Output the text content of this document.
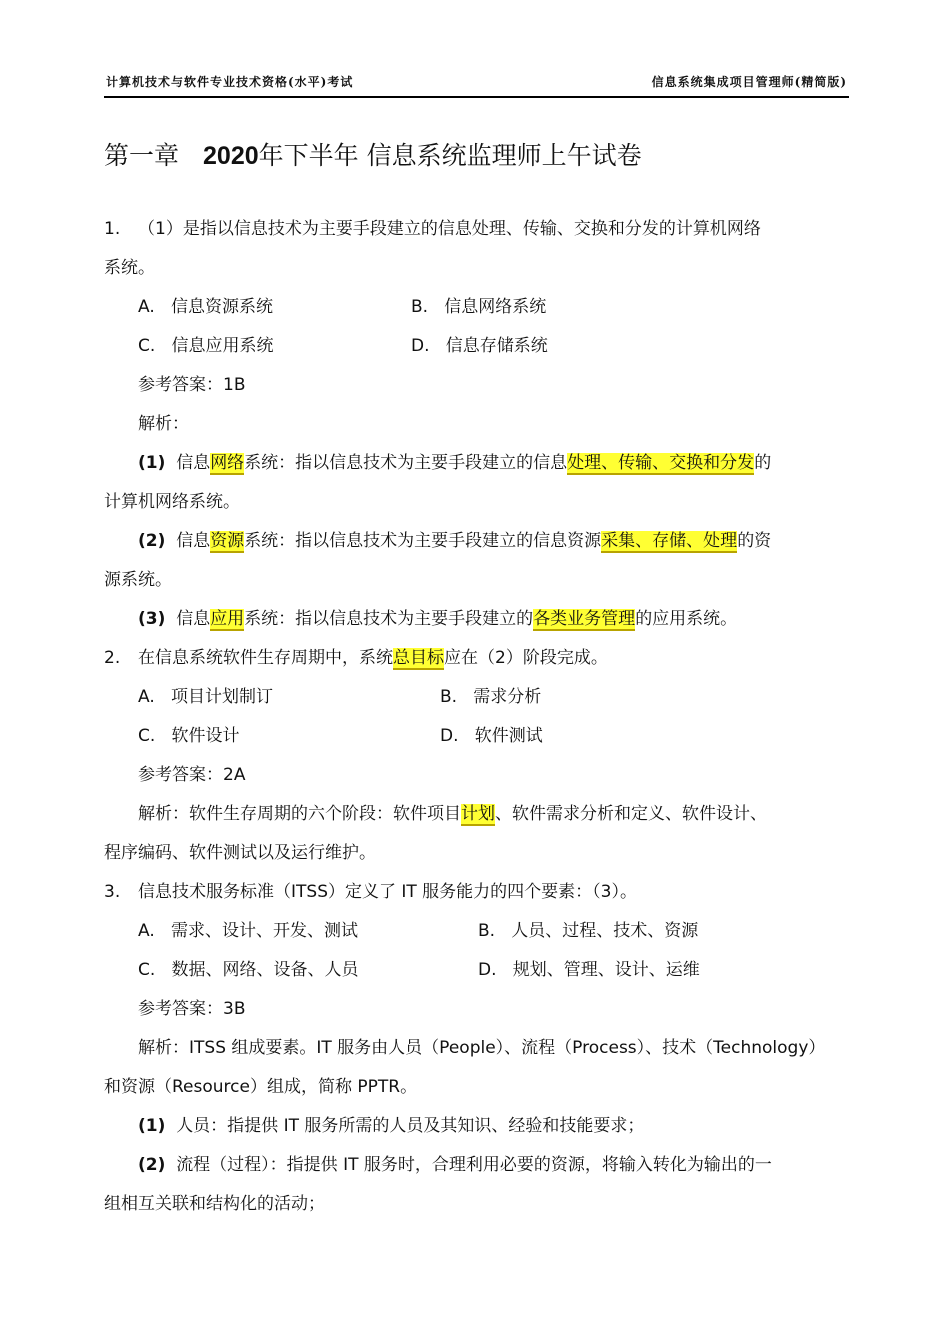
计算机技术与软件专业技术资格(水平)考试	信息系统集成项目管理师(精简版)
第一章 2020年下半年 信息系统监理师上午试卷
1. （1）是指以信息技术为主要手段建立的信息处理、传输、交换和分发的计算机网络
系统。
A. 信息资源系统	B. 信息网络系统
C. 信息应用系统	D. 信息存储系统
参考答案：1B
解析：
(1) 信息网络系统：指以信息技术为主要手段建立的信息处理、传输、交换和分发的
计算机网络系统。
(2) 信息资源系统：指以信息技术为主要手段建立的信息资源采集、存储、处理的资
源系统。
(3) 信息应用系统：指以信息技术为主要手段建立的各类业务管理的应用系统。
2. 在信息系统软件生存周期中，系统总目标应在（2）阶段完成。
A. 项目计划制订	B. 需求分析
C. 软件设计	D. 软件测试
参考答案：2A
解析：软件生存周期的六个阶段：软件项目计划、软件需求分析和定义、软件设计、
程序编码、软件测试以及运行维护。
3. 信息技术服务标准（ITSS）定义了 IT 服务能力的四个要素：（3）。
A. 需求、设计、开发、测试	B. 人员、过程、技术、资源
C. 数据、网络、设备、人员	D. 规划、管理、设计、运维
参考答案：3B
解析：ITSS 组成要素。IT 服务由人员（People）、流程（Process）、技术（Technology）
和资源（Resource）组成，简称 PPTR。
(1) 人员：指提供 IT 服务所需的人员及其知识、经验和技能要求；
(2) 流程（过程）：指提供 IT 服务时，合理利用必要的资源，将输入转化为输出的一
组相互关联和结构化的活动；
